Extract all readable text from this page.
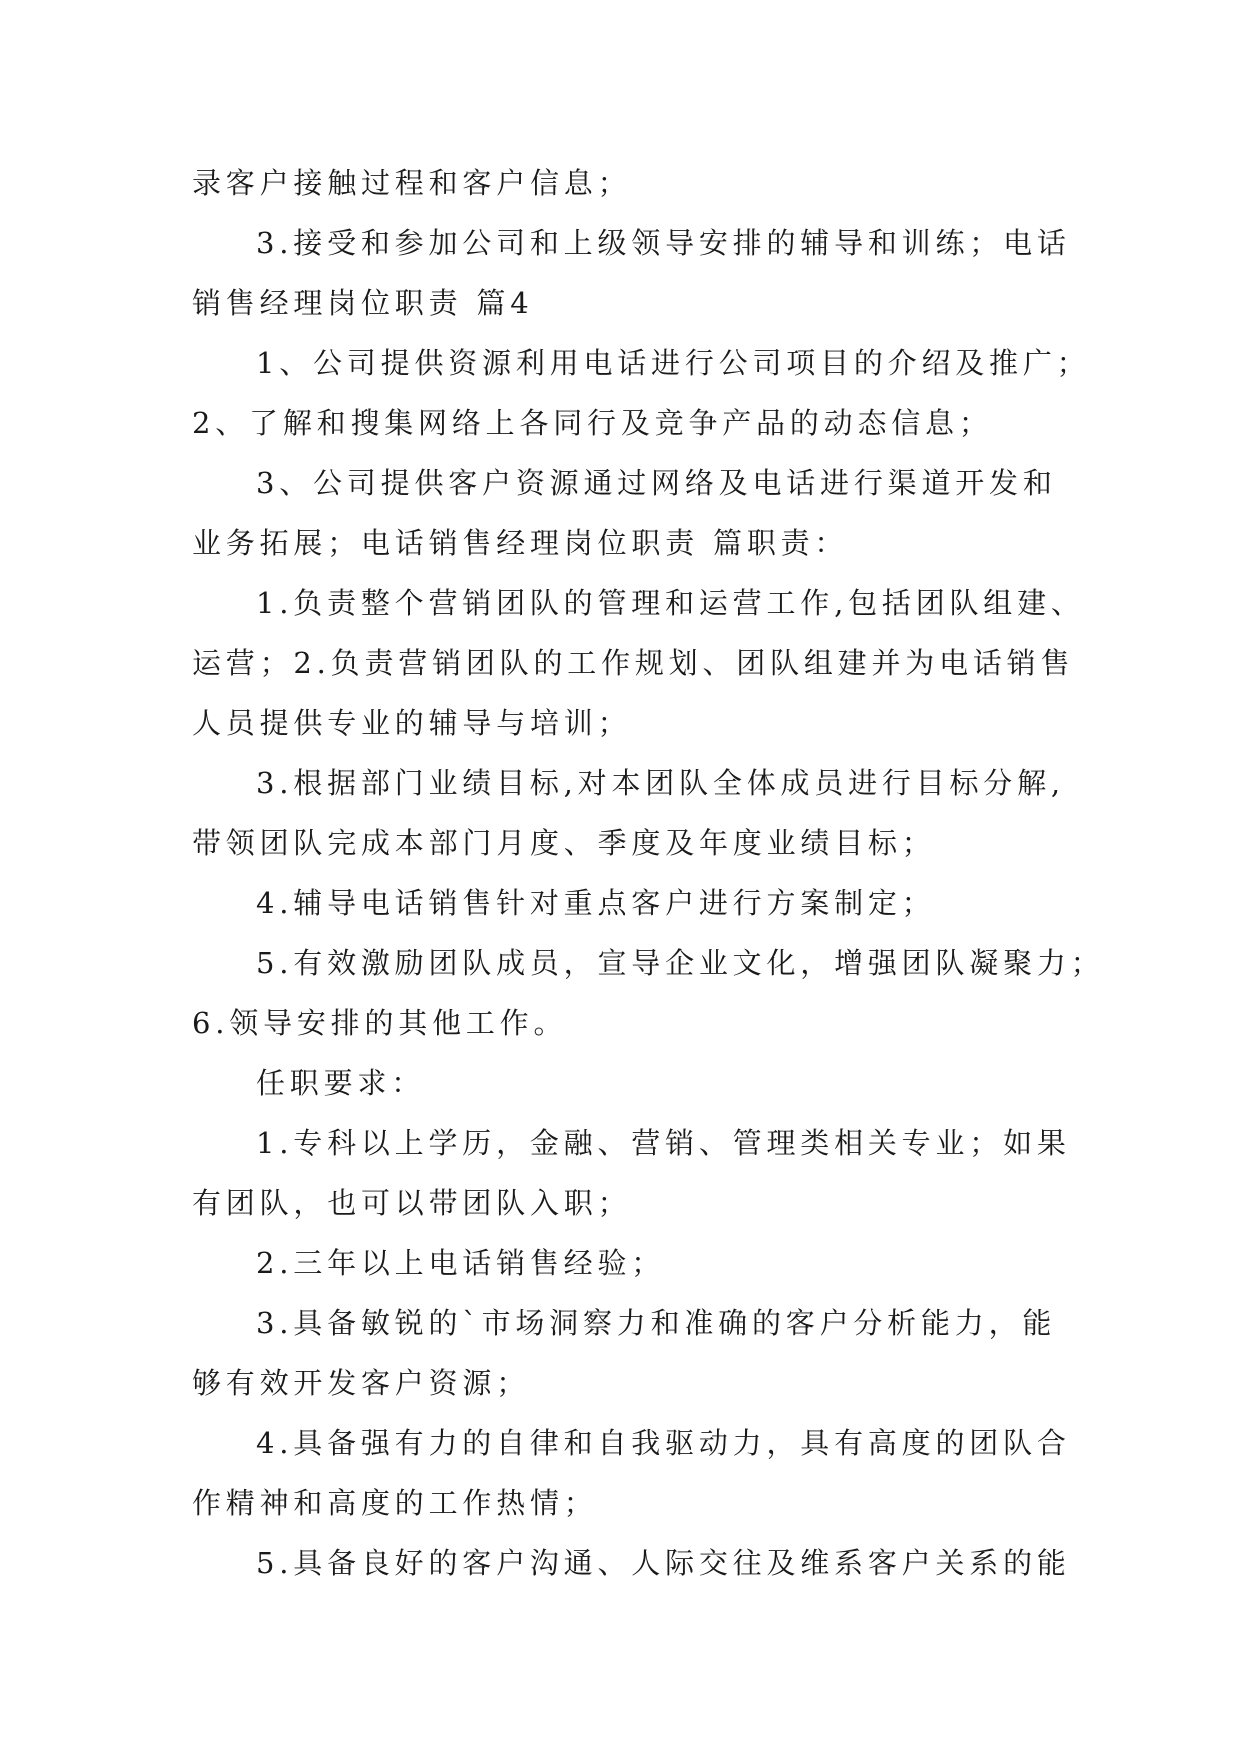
录客户接触过程和客户信息；

3.接受和参加公司和上级领导安排的辅导和训练；电话

销售经理岗位职责 篇4

1、公司提供资源利用电话进行公司项目的介绍及推广；

2、了解和搜集网络上各同行及竞争产品的动态信息；

3、公司提供客户资源通过网络及电话进行渠道开发和

业务拓展；电话销售经理岗位职责 篇职责：

1.负责整个营销团队的管理和运营工作,包括团队组建、

运营；2.负责营销团队的工作规划、团队组建并为电话销售

人员提供专业的辅导与培训；

3.根据部门业绩目标,对本团队全体成员进行目标分解,

带领团队完成本部门月度、季度及年度业绩目标；

4.辅导电话销售针对重点客户进行方案制定；

5.有效激励团队成员，宣导企业文化，增强团队凝聚力；

6.领导安排的其他工作。

任职要求：

1.专科以上学历，金融、营销、管理类相关专业；如果

有团队，也可以带团队入职；

2.三年以上电话销售经验；

3.具备敏锐的`市场洞察力和准确的客户分析能力，能

够有效开发客户资源；

4.具备强有力的自律和自我驱动力，具有高度的团队合

作精神和高度的工作热情；

5.具备良好的客户沟通、人际交往及维系客户关系的能
